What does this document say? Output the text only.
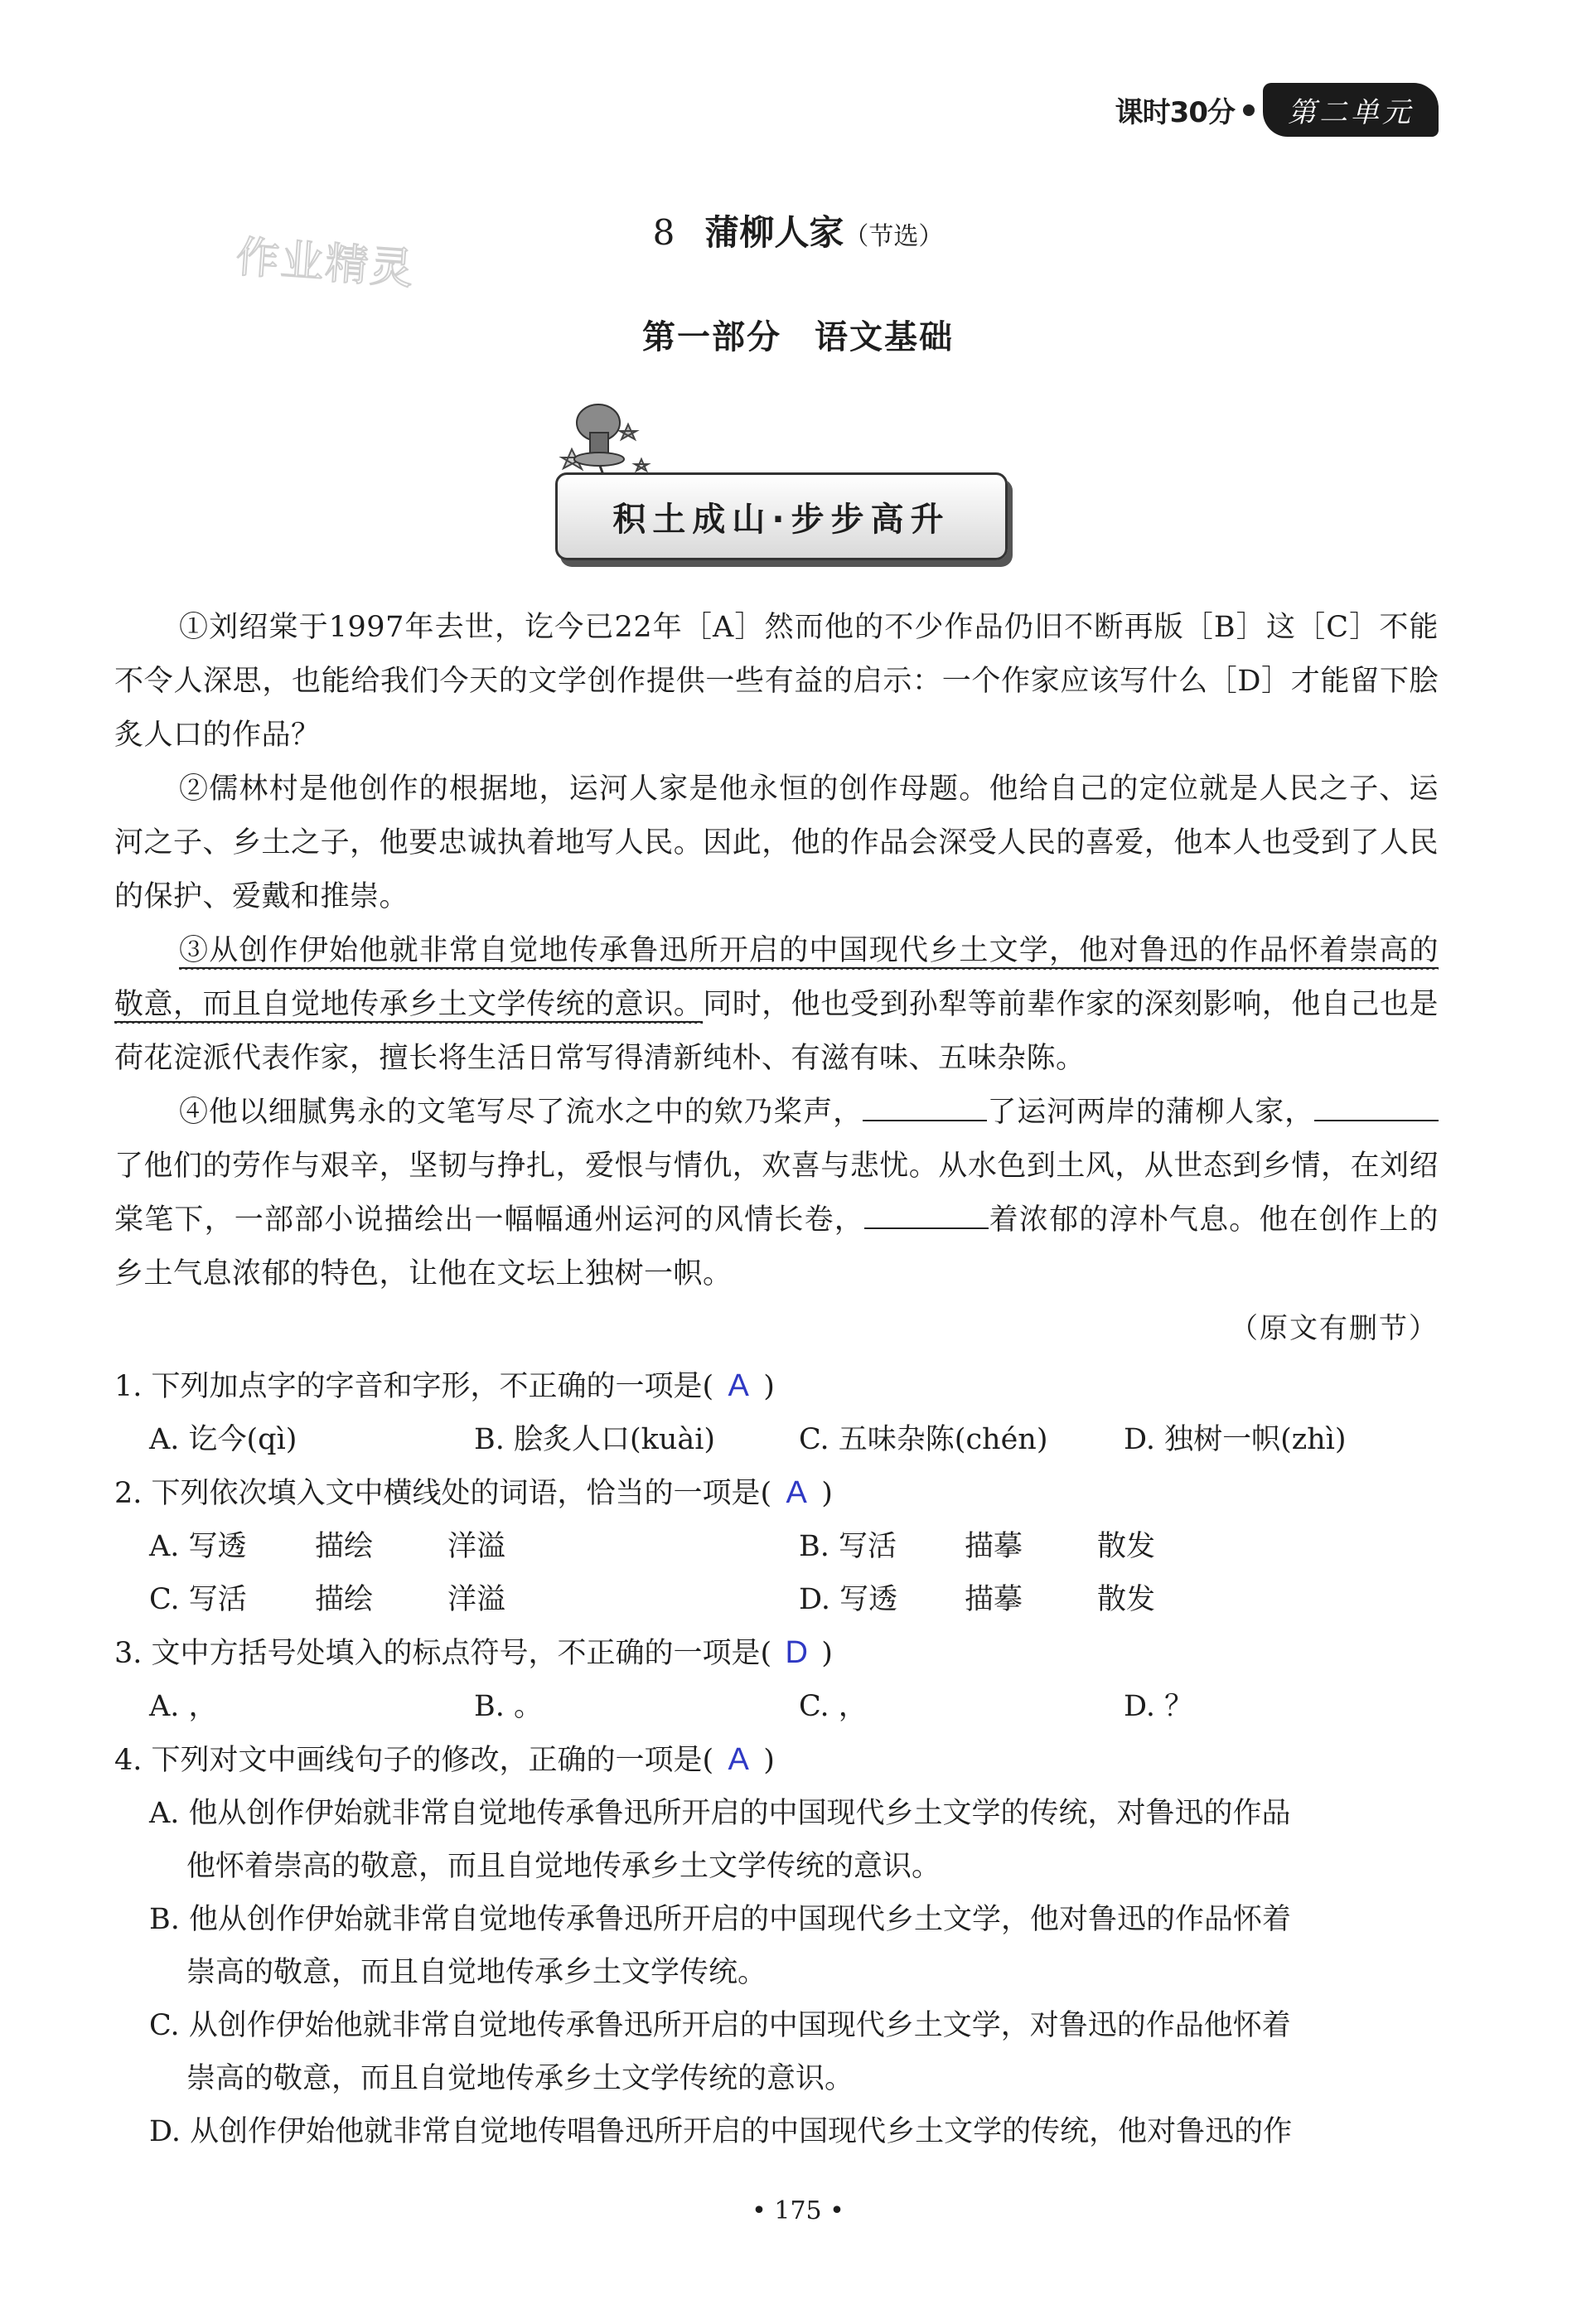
课时30分	第二单元
作业精灵
8 蒲柳人家（节选）
第一部分 语文基础
积土成山·步步高升

①刘绍棠于1997年去世，讫今已22年［A］然而他的不少作品仍旧不断再版［B］这［C］不能不令人深思，也能给我们今天的文学创作提供一些有益的启示：一个作家应该写什么［D］才能留下脍炙人口的作品？

②儒林村是他创作的根据地，运河人家是他永恒的创作母题。他给自己的定位就是人民之子、运河之子、乡土之子，他要忠诚执着地写人民。因此，他的作品会深受人民的喜爱，他本人也受到了人民的保护、爱戴和推崇。

③从创作伊始他就非常自觉地传承鲁迅所开启的中国现代乡土文学，他对鲁迅的作品怀着崇高的敬意，而且自觉地传承乡土文学传统的意识。同时，他也受到孙犁等前辈作家的深刻影响，他自己也是荷花淀派代表作家，擅长将生活日常写得清新纯朴、有滋有味、五味杂陈。

④他以细腻隽永的文笔写尽了流水之中的欸乃桨声，	了运河两岸的蒲柳人家，了他们的劳作与艰辛，坚韧与挣扎，爱恨与情仇，欢喜与悲忧。从水色到土风，从世态到乡情，在刘绍棠笔下，一部部小说描绘出一幅幅通州运河的风情长卷，	着浓郁的淳朴气息。他在创作上的乡土气息浓郁的特色，让他在文坛上独树一帜。

（原文有删节）

1. 下列加点字的字音和字形，不正确的一项是( A )

A. 讫今(qì)	B. 脍炙人口(kuài)	C. 五味杂陈(chén)	D. 独树一帜(zhì)

2. 下列依次填入文中横线处的词语，恰当的一项是( A )

A. 写透	描绘	洋溢	B. 写活	描摹	散发
C. 写活	描绘	洋溢	D. 写透	描摹	散发

3. 文中方括号处填入的标点符号，不正确的一项是( D )

A. ，	B. 。	C. ，	D. ？

4. 下列对文中画线句子的修改，正确的一项是( A )

A. 他从创作伊始就非常自觉地传承鲁迅所开启的中国现代乡土文学的传统，对鲁迅的作品
他怀着崇高的敬意，而且自觉地传承乡土文学传统的意识。
B. 他从创作伊始就非常自觉地传承鲁迅所开启的中国现代乡土文学，他对鲁迅的作品怀着
崇高的敬意，而且自觉地传承乡土文学传统。
C. 从创作伊始他就非常自觉地传承鲁迅所开启的中国现代乡土文学，对鲁迅的作品他怀着
崇高的敬意，而且自觉地传承乡土文学传统的意识。
D. 从创作伊始他就非常自觉地传唱鲁迅所开启的中国现代乡土文学的传统，他对鲁迅的作
• 175 •
